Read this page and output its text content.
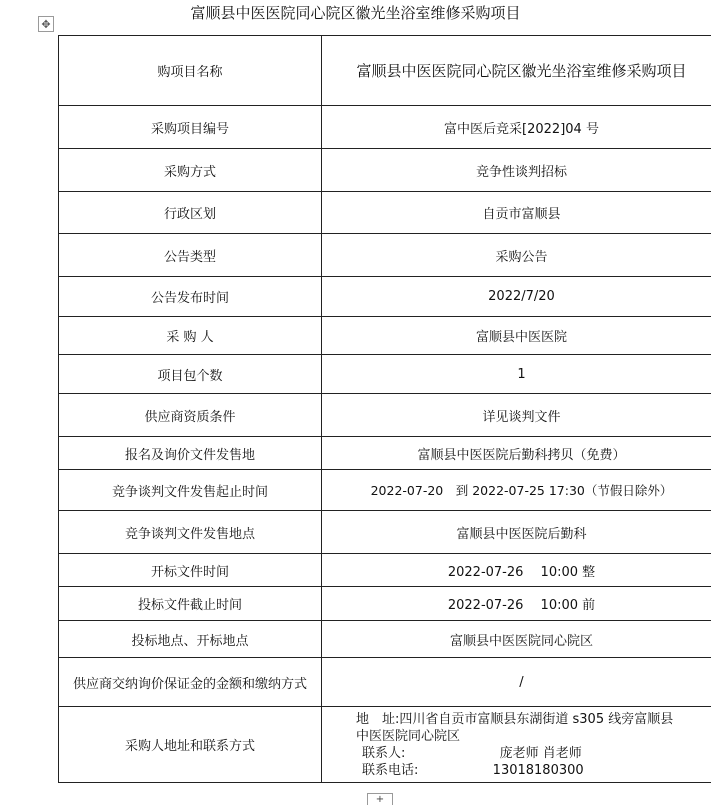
✥
富顺县中医医院同心院区徽光坐浴室维修采购项目
购项目名称	富顺县中医医院同心院区徽光坐浴室维修采购项目
采购项目编号	富中医后竞采[2022]04 号
采购方式	竞争性谈判招标
行政区划	自贡市富顺县
公告类型	采购公告
公告发布时间	2022/7/20
采 购 人	富顺县中医医院
项目包个数	1
供应商资质条件	详见谈判文件
报名及询价文件发售地	富顺县中医医院后勤科拷贝（免费）
竞争谈判文件发售起止时间	2022-07-20　到 2022-07-25 17:30（节假日除外）
竞争谈判文件发售地点	富顺县中医医院后勤科
开标文件时间	2022-07-26　 10:00 整
投标文件截止时间	2022-07-26　 10:00 前
投标地点、开标地点	富顺县中医医院同心院区
供应商交纳询价保证金的金额和缴纳方式	/
采购人地址和联系方式	地　址:四川省自贡市富顺县东湖街道 s305 线旁富顺县
中医医院同心院区
联系人: 庞老师 肖老师
联系电话: 13018180300
+
